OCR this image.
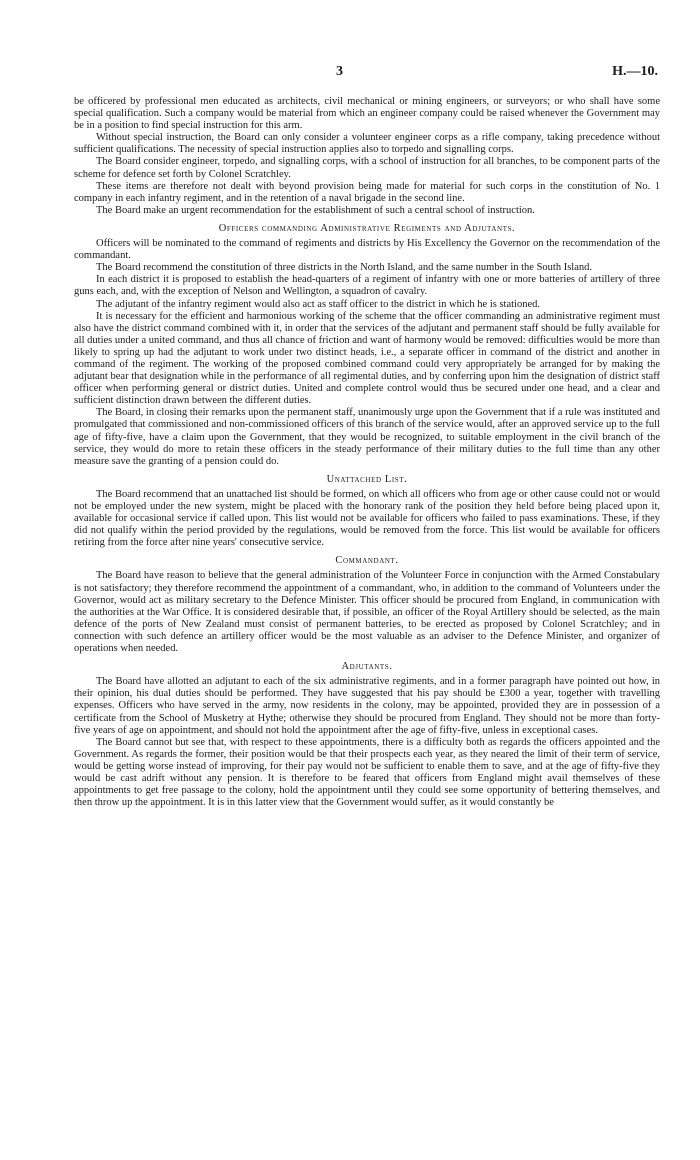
3	H.—10.

be officered by professional men educated as architects, civil mechanical or mining engineers, or surveyors; or who shall have some special qualification. Such a company would be material from which an engineer company could be raised whenever the Government may be in a position to find special instruction for this arm.

Without special instruction, the Board can only consider a volunteer engineer corps as a rifle company, taking precedence without sufficient qualifications. The necessity of special instruction applies also to torpedo and signalling corps.

The Board consider engineer, torpedo, and signalling corps, with a school of instruction for all branches, to be component parts of the scheme for defence set forth by Colonel Scratchley.

These items are therefore not dealt with beyond provision being made for material for such corps in the constitution of No. 1 company in each infantry regiment, and in the retention of a naval brigade in the second line.

The Board make an urgent recommendation for the establishment of such a central school of instruction.

Officers commanding Administrative Regiments and Adjutants.

Officers will be nominated to the command of regiments and districts by His Excellency the Governor on the recommendation of the commandant.

The Board recommend the constitution of three districts in the North Island, and the same number in the South Island.

In each district it is proposed to establish the head-quarters of a regiment of infantry with one or more batteries of artillery of three guns each, and, with the exception of Nelson and Wellington, a squadron of cavalry.

The adjutant of the infantry regiment would also act as staff officer to the district in which he is stationed.

It is necessary for the efficient and harmonious working of the scheme that the officer commanding an administrative regiment must also have the district command combined with it, in order that the services of the adjutant and permanent staff should be fully available for all duties under a united command, and thus all chance of friction and want of harmony would be removed: difficulties would be more than likely to spring up had the adjutant to work under two distinct heads, i.e., a separate officer in command of the district and another in command of the regiment. The working of the proposed combined command could very appropriately be arranged for by making the adjutant bear that designation while in the performance of all regimental duties, and by conferring upon him the designation of district staff officer when performing general or district duties. United and complete control would thus be secured under one head, and a clear and sufficient distinction drawn between the different duties.

The Board, in closing their remarks upon the permanent staff, unanimously urge upon the Government that if a rule was instituted and promulgated that commissioned and non-commissioned officers of this branch of the service would, after an approved service up to the full age of fifty-five, have a claim upon the Government, that they would be recognized, to suitable employment in the civil branch of the service, they would do more to retain these officers in the steady performance of their military duties to the full time than any other measure save the granting of a pension could do.

Unattached List.

The Board recommend that an unattached list should be formed, on which all officers who from age or other cause could not or would not be employed under the new system, might be placed with the honorary rank of the position they held before being placed upon it, available for occasional service if called upon. This list would not be available for officers who failed to pass examinations. These, if they did not qualify within the period provided by the regulations, would be removed from the force. This list would be available for officers retiring from the force after nine years' consecutive service.

Commandant.

The Board have reason to believe that the general administration of the Volunteer Force in conjunction with the Armed Constabulary is not satisfactory; they therefore recommend the appointment of a commandant, who, in addition to the command of Volunteers under the Governor, would act as military secretary to the Defence Minister. This officer should be procured from England, in communication with the authorities at the War Office. It is considered desirable that, if possible, an officer of the Royal Artillery should be selected, as the main defence of the ports of New Zealand must consist of permanent batteries, to be erected as proposed by Colonel Scratchley; and in connection with such defence an artillery officer would be the most valuable as an adviser to the Defence Minister, and organizer of operations when needed.

Adjutants.

The Board have allotted an adjutant to each of the six administrative regiments, and in a former paragraph have pointed out how, in their opinion, his dual duties should be performed. They have suggested that his pay should be £300 a year, together with travelling expenses. Officers who have served in the army, now residents in the colony, may be appointed, provided they are in possession of a certificate from the School of Musketry at Hythe; otherwise they should be procured from England. They should not be more than forty-five years of age on appointment, and should not hold the appointment after the age of fifty-five, unless in exceptional cases.

The Board cannot but see that, with respect to these appointments, there is a difficulty both as regards the officers appointed and the Government. As regards the former, their position would be that their prospects each year, as they neared the limit of their term of service, would be getting worse instead of improving, for their pay would not be sufficient to enable them to save, and at the age of fifty-five they would be cast adrift without any pension. It is therefore to be feared that officers from England might avail themselves of these appointments to get free passage to the colony, hold the appointment until they could see some opportunity of bettering themselves, and then throw up the appointment. It is in this latter view that the Government would suffer, as it would constantly be
